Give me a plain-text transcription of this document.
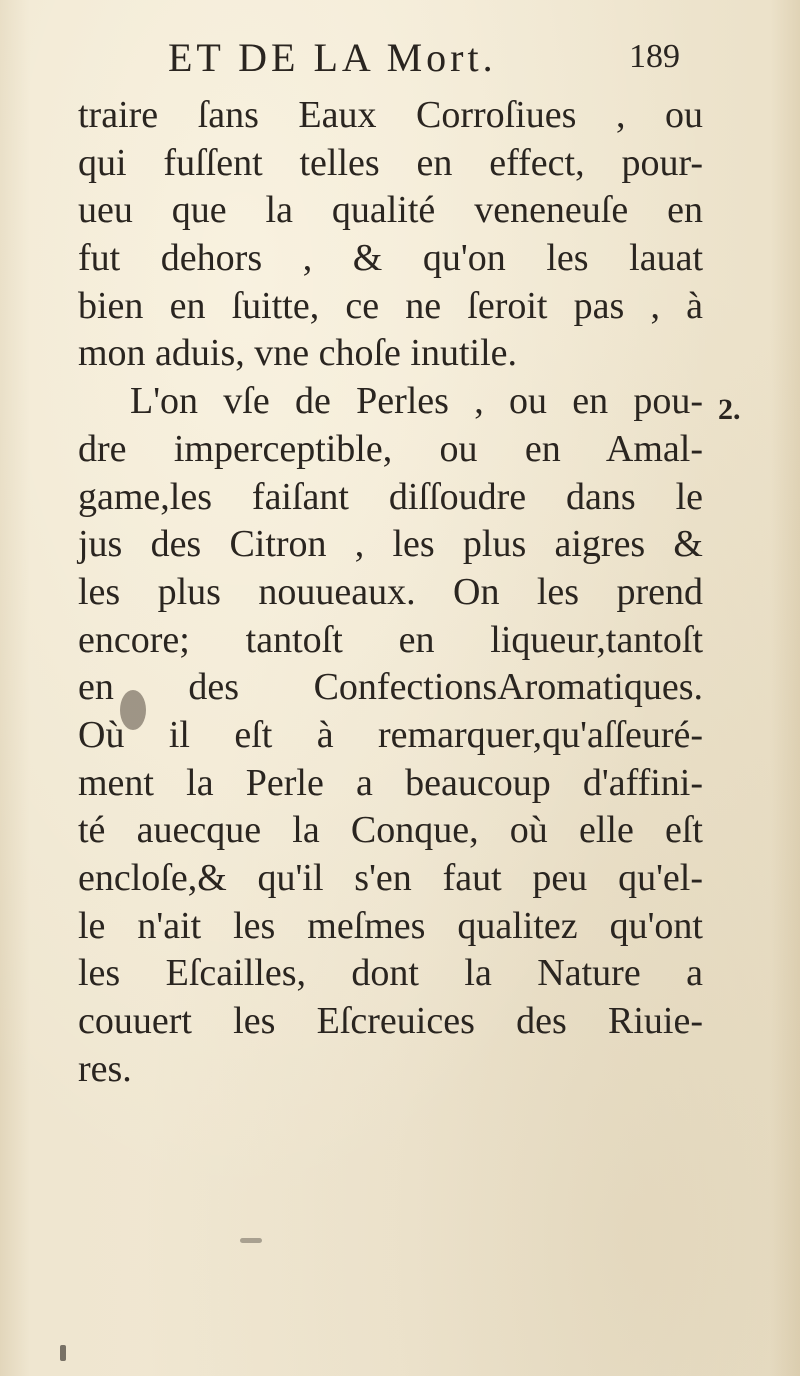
ET DE LA Mort.	189
traire ſans Eaux Corroſiues , ou
qui fuſſent telles en effect, pour-
ueu que la qualité veneneuſe en
fut dehors , & qu'on les lauat
bien en ſuitte, ce ne ſeroit pas , à
mon aduis, vne choſe inutile.
L'on vſe de Perles , ou en pou-
dre imperceptible, ou en Amal-
game,les faiſant diſſoudre dans le
jus des Citron , les plus aigres &
les plus nouueaux. On les prend
encore; tantoſt en liqueur,tantoſt
en des ConfectionsAromatiques.
Où il eſt à remarquer,qu'aſſeuré-
ment la Perle a beaucoup d'affini-
té auecque la Conque, où elle eſt
encloſe,& qu'il s'en faut peu qu'el-
le n'ait les meſmes qualitez qu'ont
les Eſcailles, dont la Nature a
couuert les Eſcreuices des Riuie-
res.
2.
